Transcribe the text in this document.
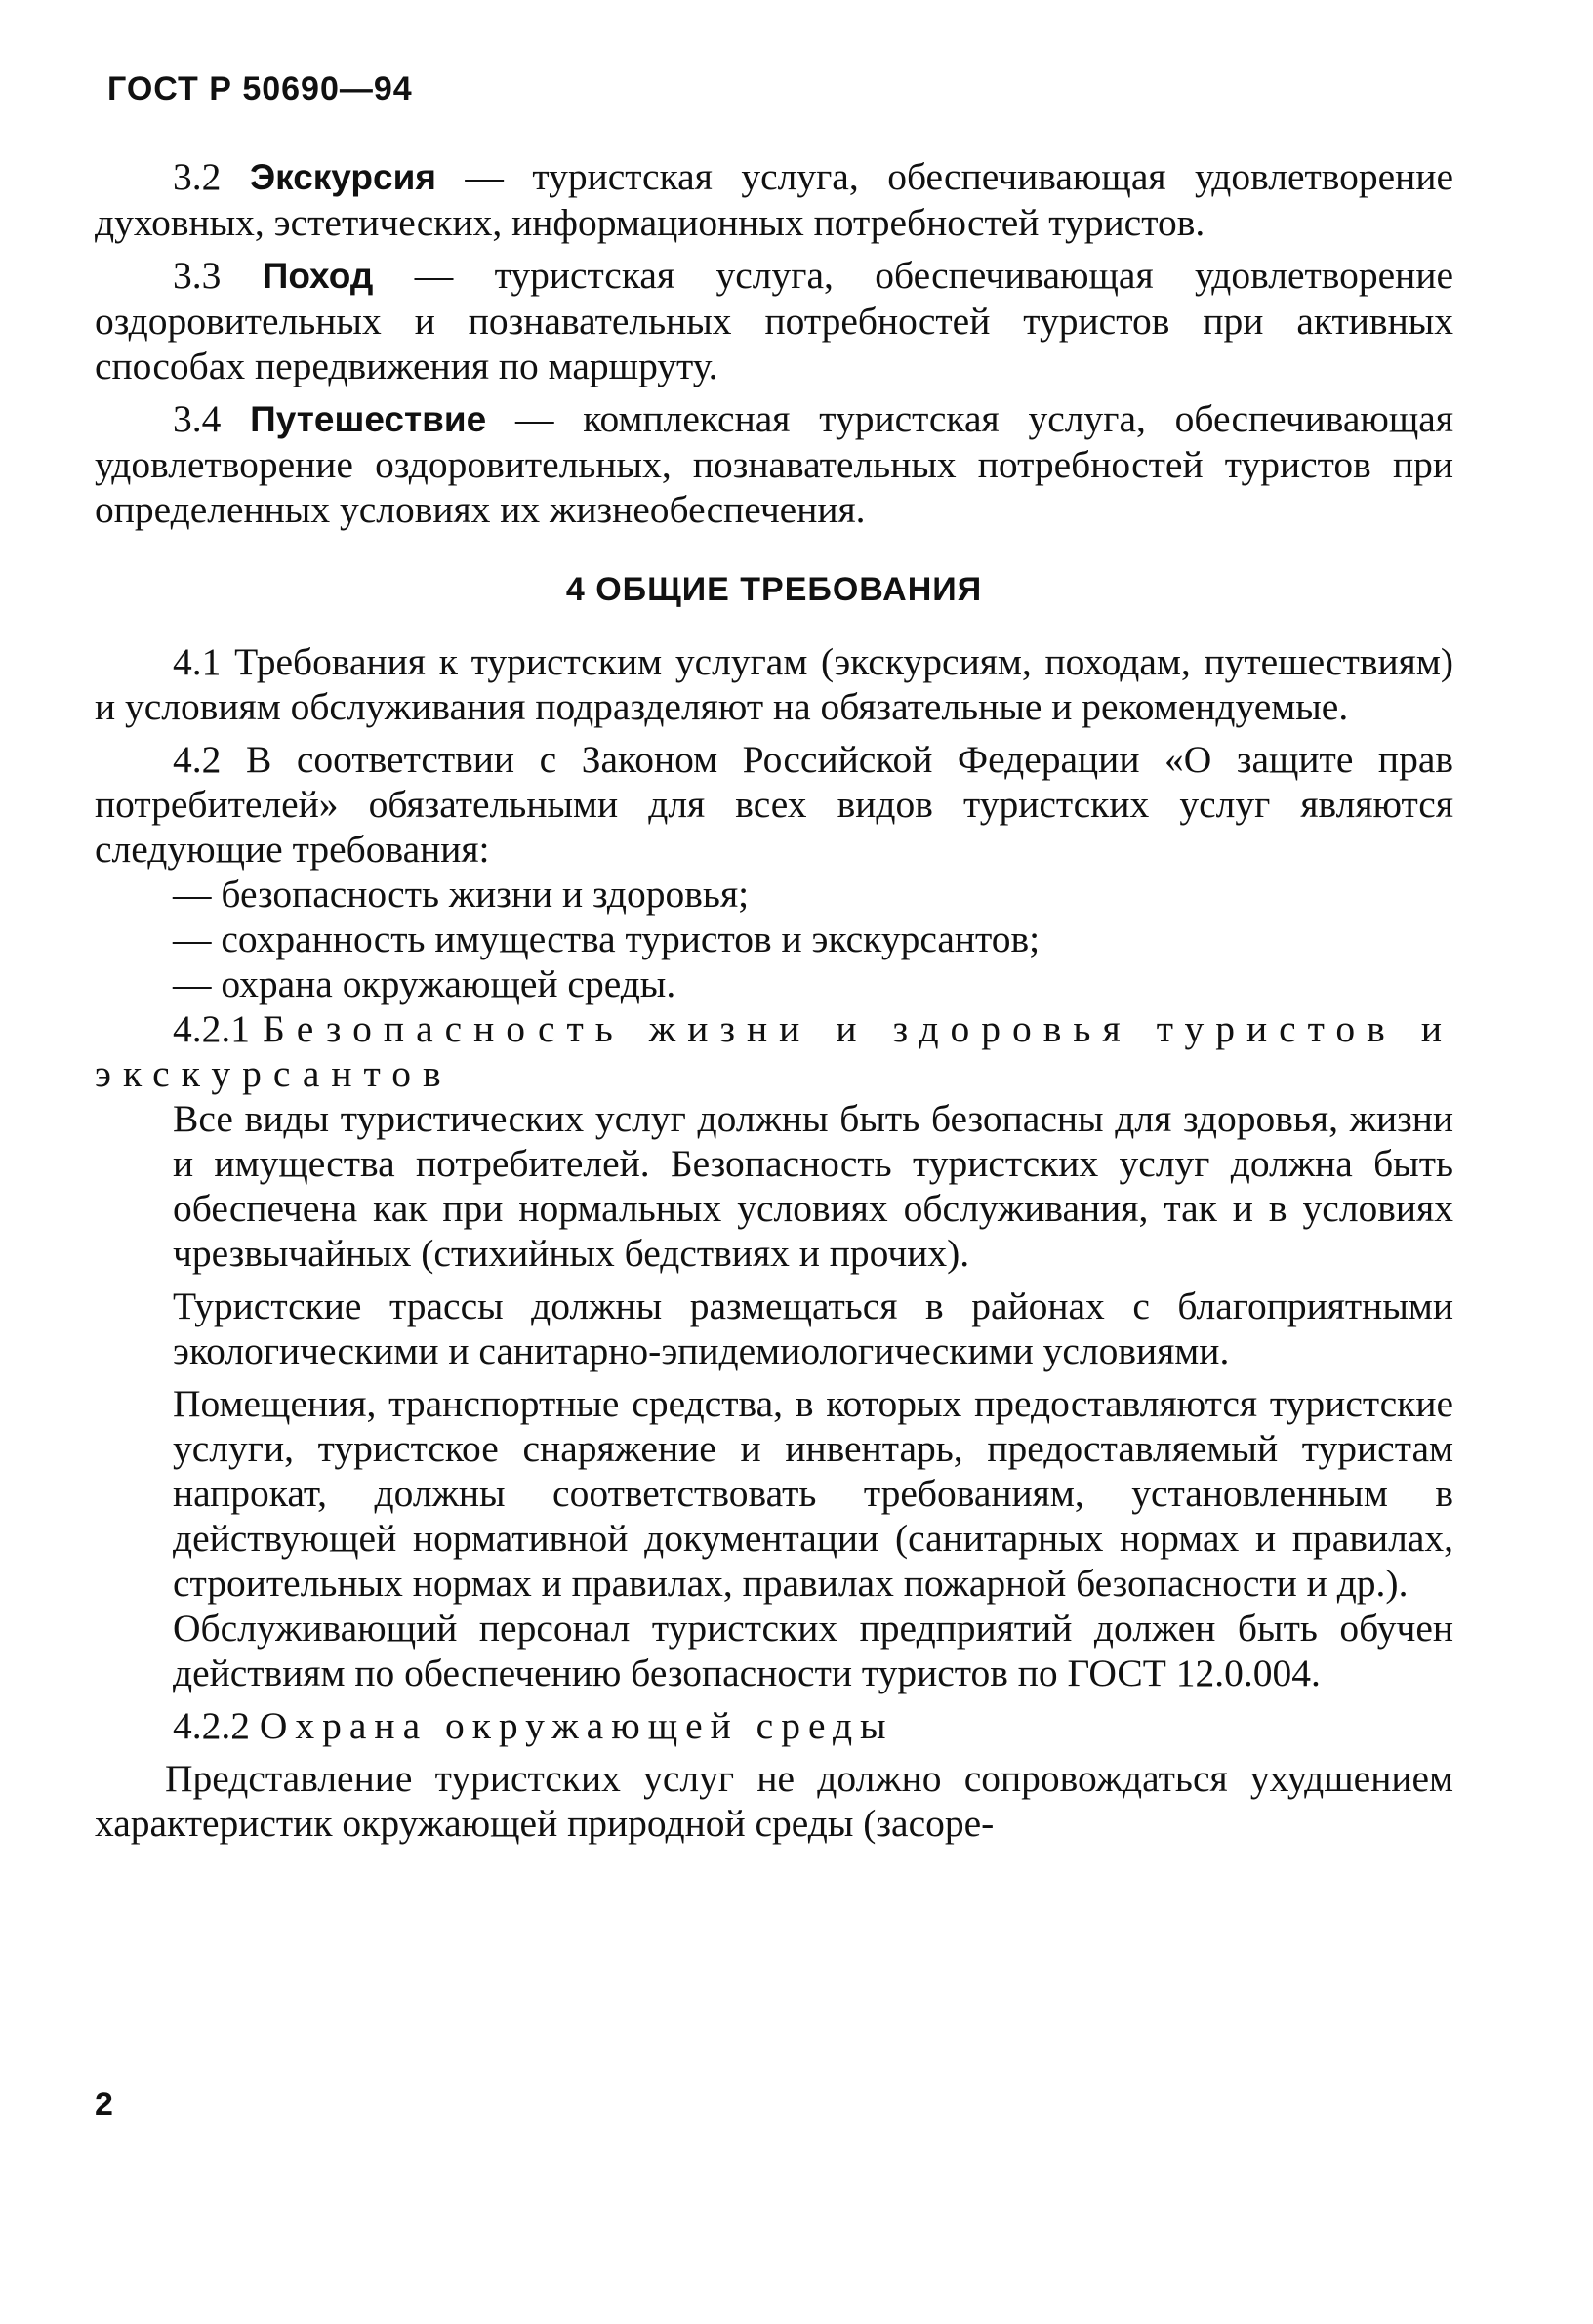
ГОСТ Р 50690—94

3.2 Экскурсия — туристская услуга, обеспечивающая удовлетворение духовных, эстетических, информационных потребностей туристов.

3.3 Поход — туристская услуга, обеспечивающая удовлетворение оздоровительных и познавательных потребностей туристов при активных способах передвижения по маршруту.

3.4 Путешествие — комплексная туристская услуга, обеспечивающая удовлетворение оздоровительных, познавательных потребностей туристов при определенных условиях их жизнеобеспечения.

4 ОБЩИЕ ТРЕБОВАНИЯ

4.1 Требования к туристским услугам (экскурсиям, походам, путешествиям) и условиям обслуживания подразделяют на обязательные и рекомендуемые.

4.2 В соответствии с Законом Российской Федерации «О защите прав потребителей» обязательными для всех видов туристских услуг являются следующие требования:

— безопасность жизни и здоровья;

— сохранность имущества туристов и экскурсантов;

— охрана окружающей среды.

4.2.1 Безопасность жизни и здоровья туристов и экскурсантов

Все виды туристических услуг должны быть безопасны для здоровья, жизни и имущества потребителей. Безопасность туристских услуг должна быть обеспечена как при нормальных условиях обслуживания, так и в условиях чрезвычайных (стихийных бедствиях и прочих).

Туристские трассы должны размещаться в районах с благоприятными экологическими и санитарно-эпидемиологическими условиями.

Помещения, транспортные средства, в которых предоставляются туристские услуги, туристское снаряжение и инвентарь, предоставляемый туристам напрокат, должны соответствовать требованиям, установленным в действующей нормативной документации (санитарных нормах и правилах, строительных нормах и правилах, правилах пожарной безопасности и др.).

Обслуживающий персонал туристских предприятий должен быть обучен действиям по обеспечению безопасности туристов по ГОСТ 12.0.004.

4.2.2 Охрана окружающей среды

Представление туристских услуг не должно сопровождаться ухудшением характеристик окружающей природной среды (засоре-

2
